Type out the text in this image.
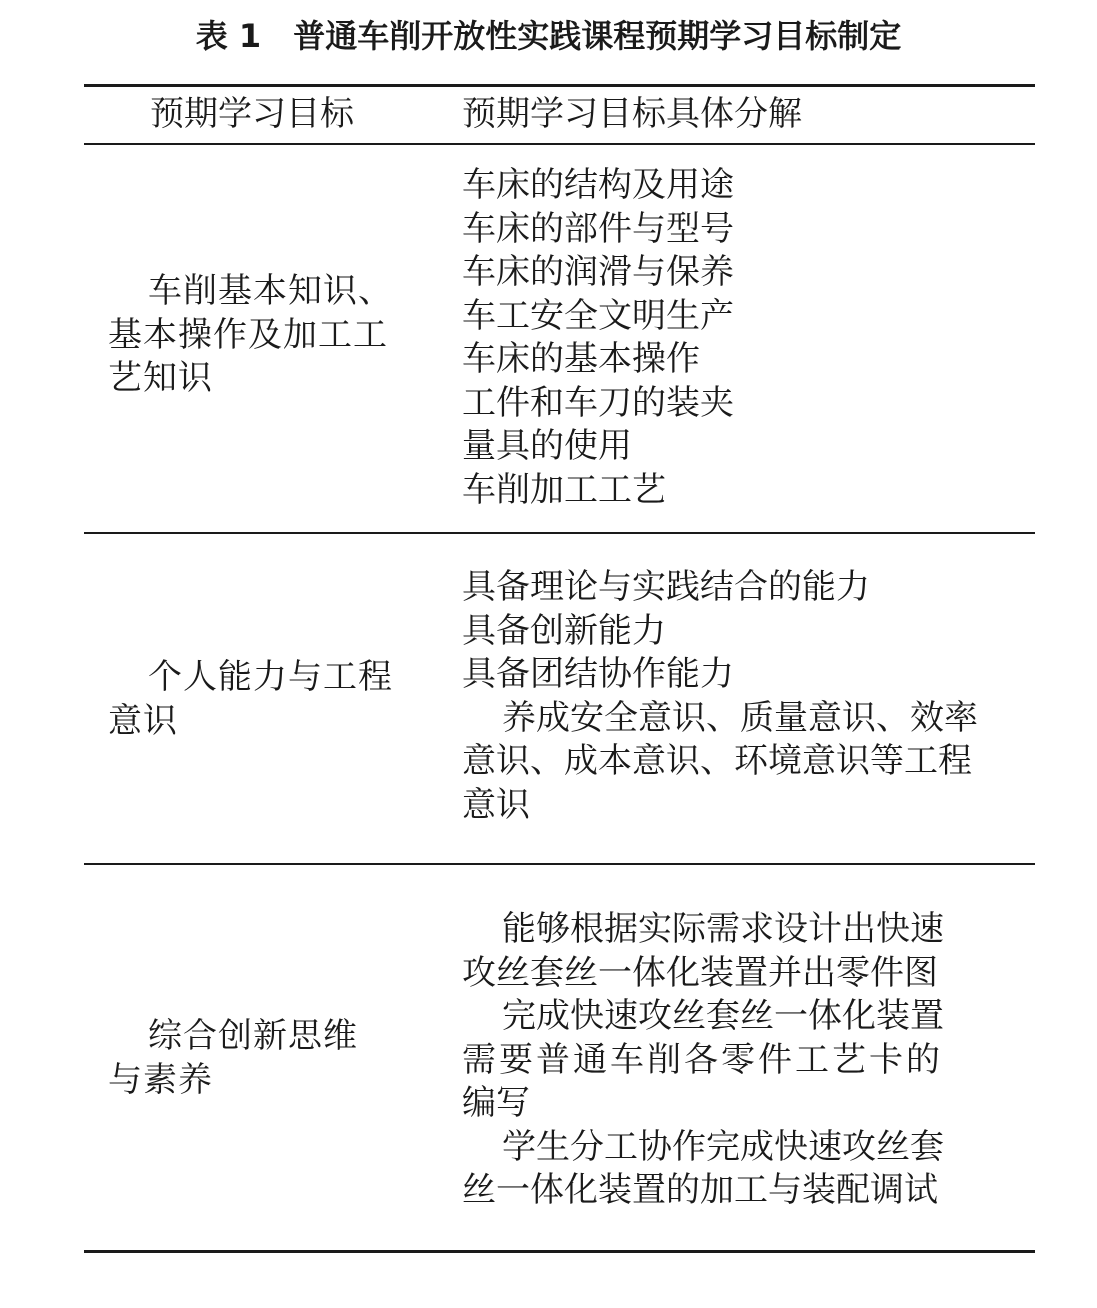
表 1　普通车削开放性实践课程预期学习目标制定
预期学习目标	预期学习目标具体分解
车削基本知识、
基本操作及加工工
艺知识
车床的结构及用途
车床的部件与型号
车床的润滑与保养
车工安全文明生产
车床的基本操作
工件和车刀的装夹
量具的使用
车削加工工艺
个人能力与工程
意识
具备理论与实践结合的能力
具备创新能力
具备团结协作能力
养成安全意识、质量意识、效率
意识、成本意识、环境意识等工程
意识
综合创新思维
与素养
能够根据实际需求设计出快速
攻丝套丝一体化装置并出零件图
完成快速攻丝套丝一体化装置
需要普通车削各零件工艺卡的
编写
学生分工协作完成快速攻丝套
丝一体化装置的加工与装配调试
